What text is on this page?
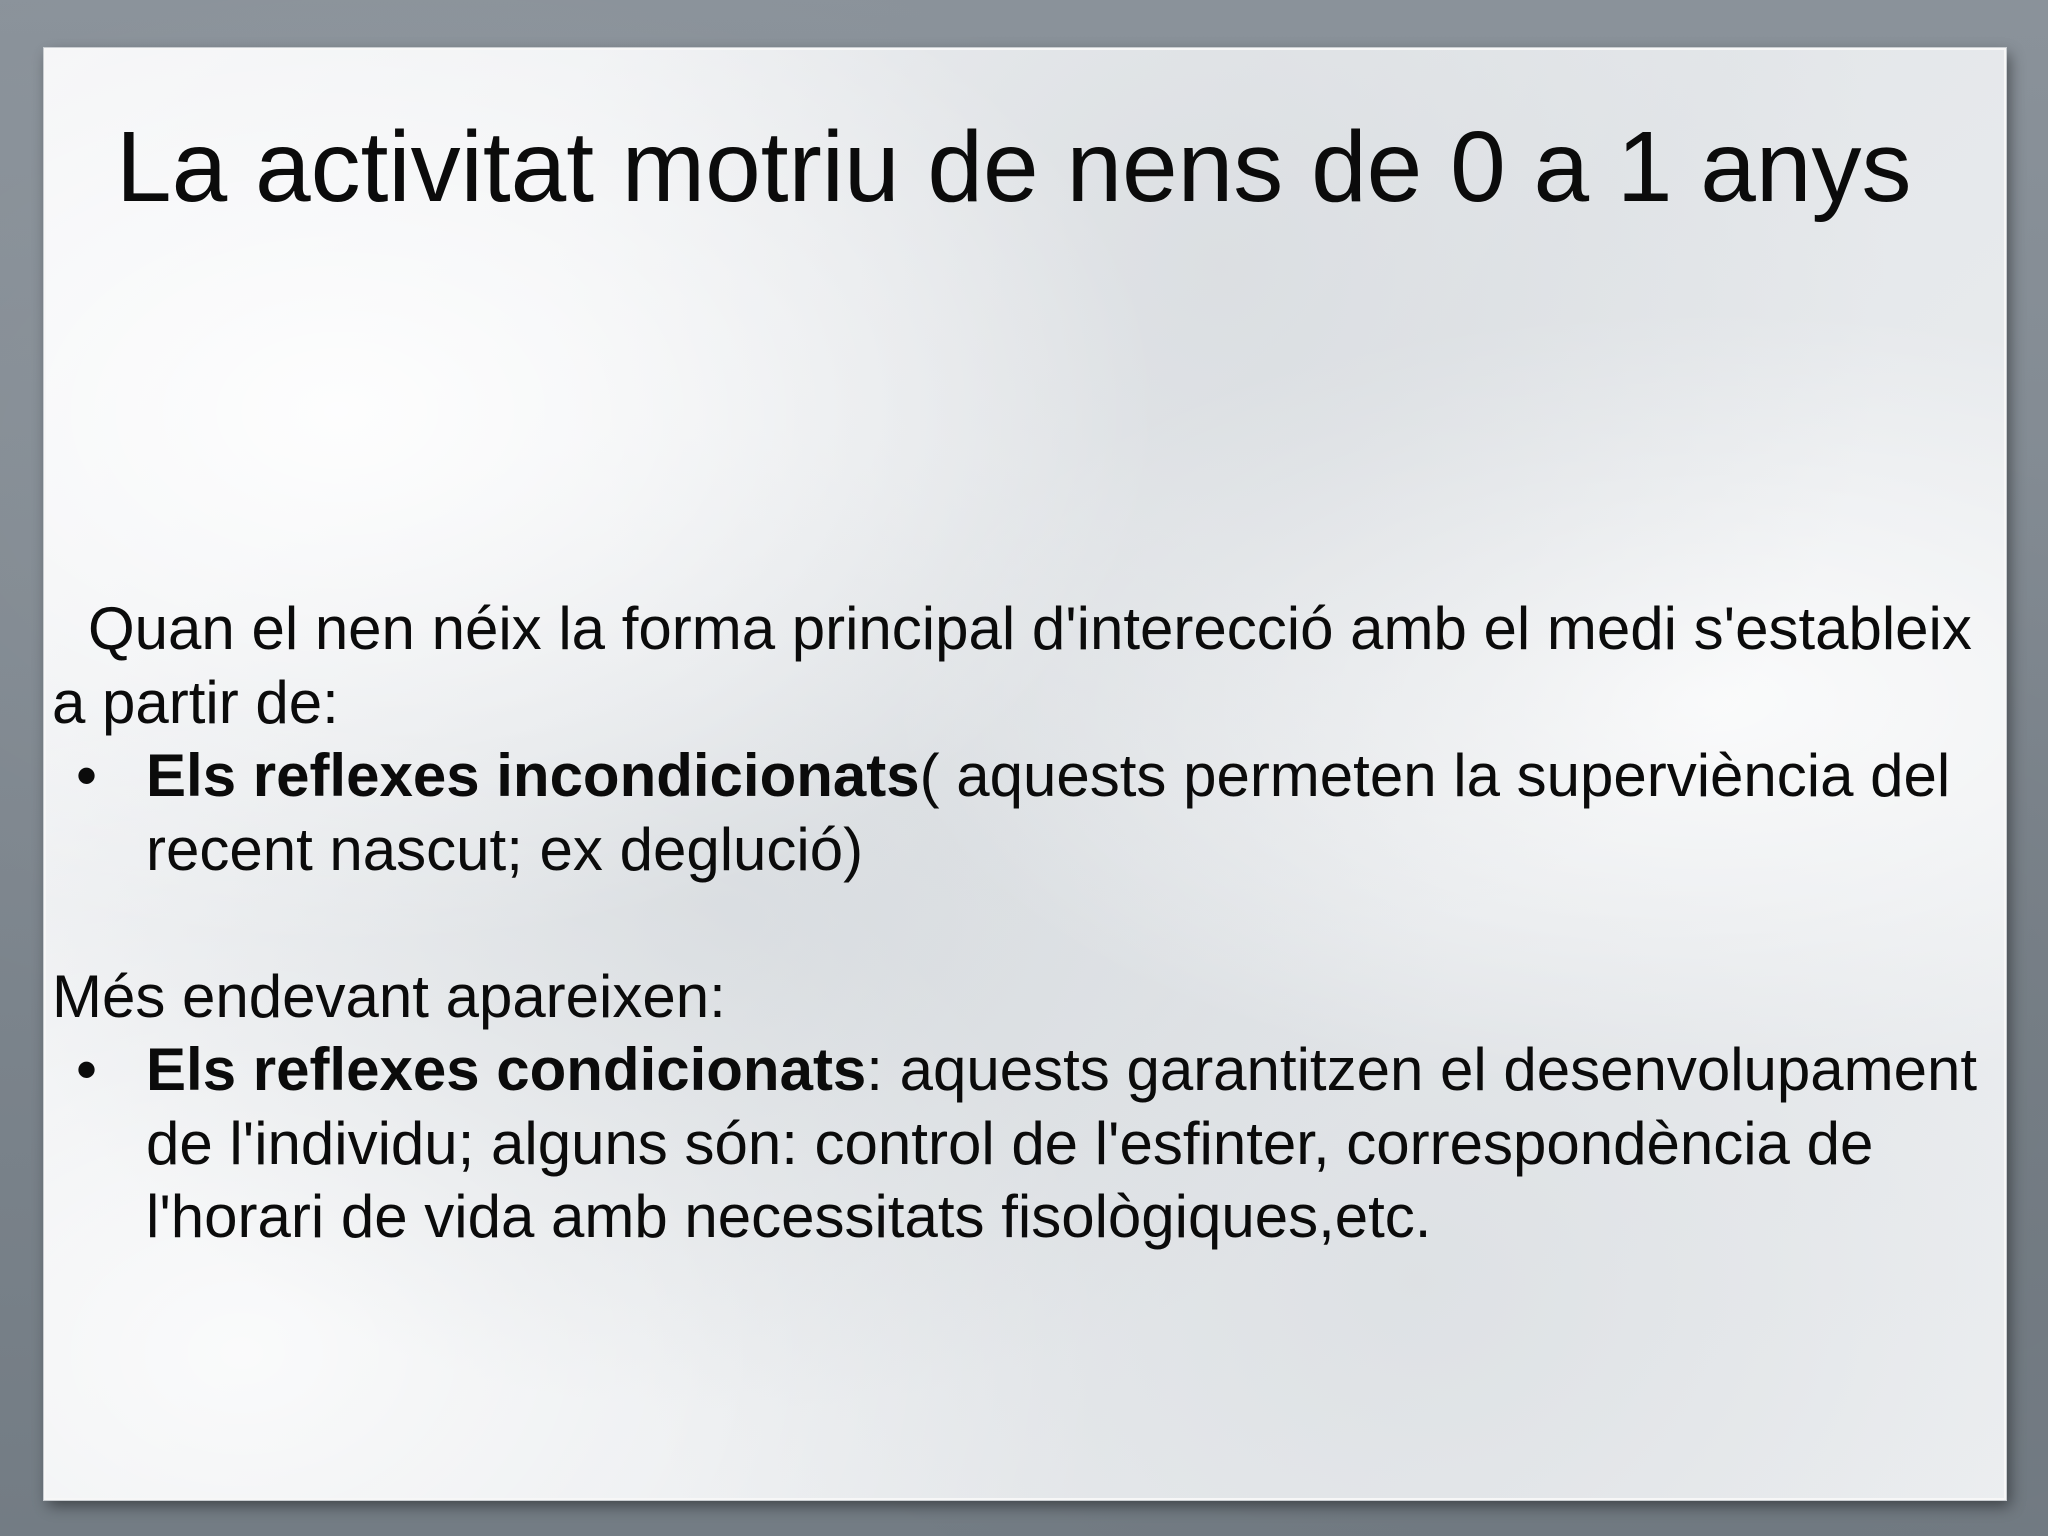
La activitat motriu de nens de 0 a 1 anys

Quan el nen néix la forma principal d'interecció amb el medi s'estableix a partir de:

• Els reflexes incondicionats( aquests permeten la superviència del recent nascut; ex deglució)

Més endevant apareixen:

• Els reflexes condicionats: aquests garantitzen el desenvolupament de l'individu; alguns són: control de l'esfinter, correspondència de l'horari de vida amb necessitats fisològiques,etc.
